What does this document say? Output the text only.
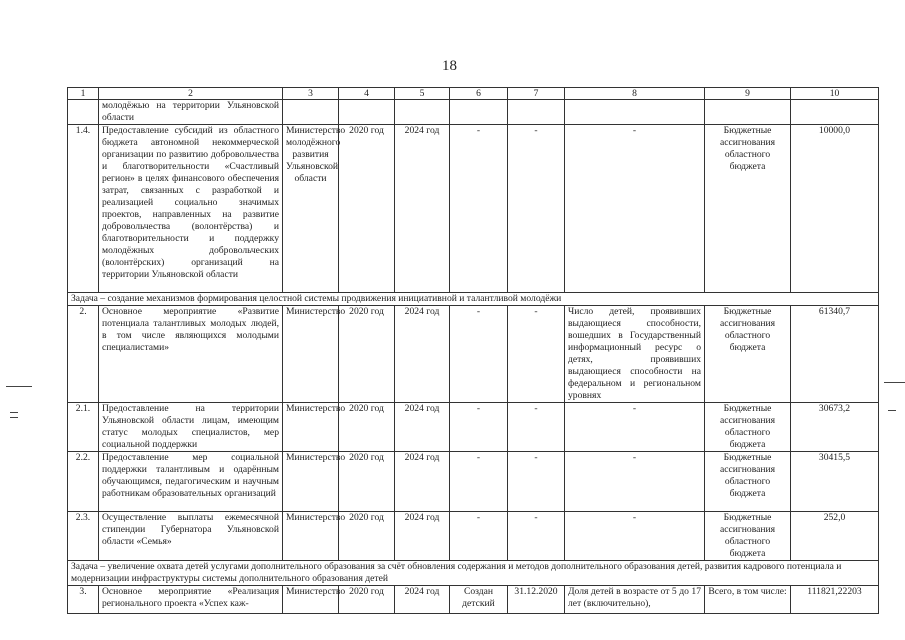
18
1	2	3	4	5	6	7	8	9	10
	молодёжью на территории Ульяновской области								
1.4.	Предоставление субсидий из областного бюджета автономной некоммерческой организации по развитию добровольчества и благотворительности «Счастливый регион» в целях финансового обеспечения затрат, связанных с разработкой и реализацией социально значимых проектов, направленных на развитие добровольчества (волонтёрства) и благотворительности и поддержку молодёжных добровольческих (волонтёрских) организаций на территории Ульяновской области	Министерство молодёжного развития Ульяновской области	2020 год	2024 год	-	-	-	Бюджетные ассигнования областного бюджета	10000,0
Задача – создание механизмов формирования целостной системы продвижения инициативной и талантливой молодёжи									
2.	Основное мероприятие «Развитие потенциала талантливых молодых людей, в том числе являющихся молодыми специалистами»	Министерство	2020 год	2024 год	-	-	Число детей, проявивших выдающиеся способности, вошедших в Государственный информационный ресурс о детях, проявивших выдающиеся способности на федеральном и региональном уровнях	Бюджетные ассигнования областного бюджета	61340,7
2.1.	Предоставление на территории Ульяновской области лицам, имеющим статус молодых специалистов, мер социальной поддержки	Министерство	2020 год	2024 год	-	-	-	Бюджетные ассигнования областного бюджета	30673,2
2.2.	Предоставление мер социальной поддержки талантливым и одарённым обучающимся, педагогическим и научным работникам образовательных организаций	Министерство	2020 год	2024 год	-	-	-	Бюджетные ассигнования областного бюджета	30415,5
2.3.	Осуществление выплаты ежемесячной стипендии Губернатора Ульяновской области «Семья»	Министерство	2020 год	2024 год	-	-	-	Бюджетные ассигнования областного бюджета	252,0
Задача – увеличение охвата детей услугами дополнительного образования за счёт обновления содержания и методов дополнительного образования детей, развития кадрового потенциала и модернизации инфраструктуры системы дополнительного образования детей									
3.	Основное мероприятие «Реализация регионального проекта «Успех каж-	Министерство	2020 год	2024 год	Создан детский	31.12.2020	Доля детей в возрасте от 5 до 17 лет (включительно),	Всего, в том числе:	111821,22203
